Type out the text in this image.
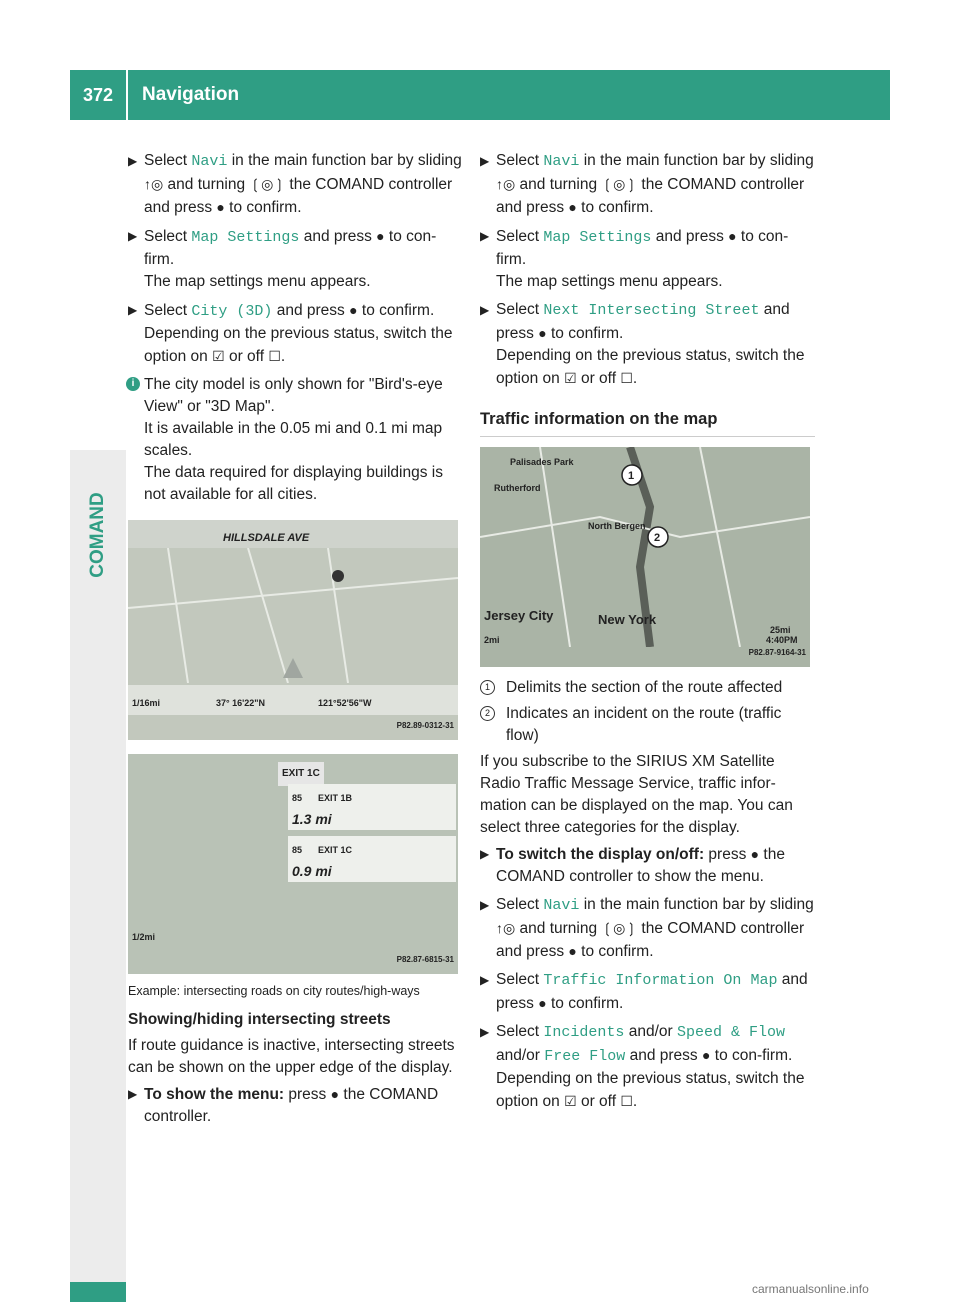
372	Navigation
COMAND
▶ Select Navi in the main function bar by sliding ↑◎ and turning ❲◎❳ the COMAND controller and press ● to confirm.
▶ Select Map Settings and press ● to con-firm.
The map settings menu appears.
▶ Select City (3D) and press ● to confirm.
Depending on the previous status, switch the option on ☑ or off ☐.
i The city model is only shown for "Bird's-eye View" or "3D Map".
It is available in the 0.05 mi and 0.1 mi map scales.
The data required for displaying buildings is not available for all cities.
HILLSDALE AVE
1/16mi	37° 16'22"N	121°52'56"W
P82.89-0312-31
EXIT 1C
85 EXIT 1B
1.3 mi
85 EXIT 1C
0.9 mi
1/2mi
P82.87-6815-31
Example: intersecting roads on city routes/high-ways
Showing/hiding intersecting streets
If route guidance is inactive, intersecting streets can be shown on the upper edge of the display.
▶ To show the menu: press ● the COMAND controller.
▶ Select Navi in the main function bar by sliding ↑◎ and turning ❲◎❳ the COMAND controller and press ● to confirm.
▶ Select Map Settings and press ● to con-firm.
The map settings menu appears.
▶ Select Next Intersecting Street and press ● to confirm.
Depending on the previous status, switch the option on ☑ or off ☐.
Traffic information on the map
1
2
Palisades Park
Rutherford
North Bergen
Jersey City	New York
2mi
25mi
4:40PM
P82.87-9164-31
1	Delimits the section of the route affected
2	Indicates an incident on the route (traffic flow)
If you subscribe to the SIRIUS XM Satellite Radio Traffic Message Service, traffic infor-mation can be displayed on the map. You can select three categories for the display.
▶ To switch the display on/off: press ● the COMAND controller to show the menu.
▶ Select Navi in the main function bar by sliding ↑◎ and turning ❲◎❳ the COMAND controller and press ● to confirm.
▶ Select Traffic Information On Map and press ● to confirm.
▶ Select Incidents and/or Speed & Flow and/or Free Flow and press ● to con-firm.
Depending on the previous status, switch the option on ☑ or off ☐.
carmanualsonline.info
